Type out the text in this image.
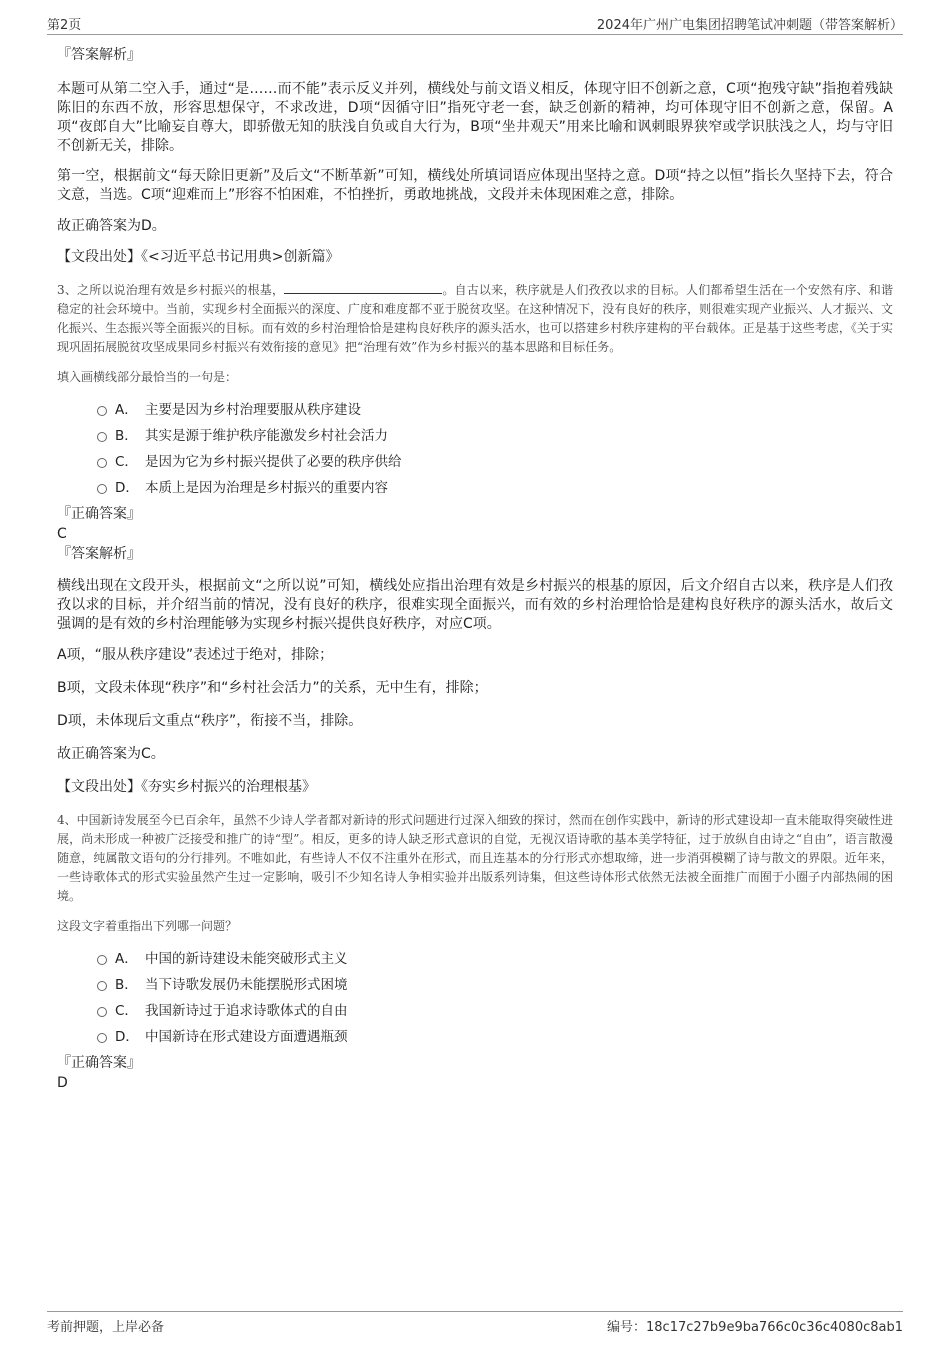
第2页	2024年广州广电集团招聘笔试冲刺题（带答案解析）
『答案解析』

本题可从第二空入手，通过“是……而不能”表示反义并列，横线处与前文语义相反，体现守旧不创新之意，C项“抱残守缺”指抱着残缺陈旧的东西不放，形容思想保守，不求改进，D项“因循守旧”指死守老一套，缺乏创新的精神，均可体现守旧不创新之意，保留。A项“夜郎自大”比喻妄自尊大，即骄傲无知的肤浅自负或自大行为，B项“坐井观天”用来比喻和讽刺眼界狭窄或学识肤浅之人，均与守旧不创新无关，排除。

第一空，根据前文“每天除旧更新”及后文“不断革新”可知，横线处所填词语应体现出坚持之意。D项“持之以恒”指长久坚持下去，符合文意，当选。C项“迎难而上”形容不怕困难，不怕挫折，勇敢地挑战，文段并未体现困难之意，排除。

故正确答案为D。

【文段出处】《<习近平总书记用典>创新篇》

3、之所以说治理有效是乡村振兴的根基，	。自古以来，秩序就是人们孜孜以求的目标。人们都希望生活在一个安然有序、和谐稳定的社会环境中。当前，实现乡村全面振兴的深度、广度和难度都不亚于脱贫攻坚。在这种情况下，没有良好的秩序，则很难实现产业振兴、人才振兴、文化振兴、生态振兴等全面振兴的目标。而有效的乡村治理恰恰是建构良好秩序的源头活水，也可以搭建乡村秩序建构的平台载体。正是基于这些考虑，《关于实现巩固拓展脱贫攻坚成果同乡村振兴有效衔接的意见》把“治理有效”作为乡村振兴的基本思路和目标任务。

填入画横线部分最恰当的一句是：

A． 主要是因为乡村治理要服从秩序建设
B． 其实是源于维护秩序能激发乡村社会活力
C． 是因为它为乡村振兴提供了必要的秩序供给
D． 本质上是因为治理是乡村振兴的重要内容
『正确答案』

C

『答案解析』

横线出现在文段开头，根据前文“之所以说”可知，横线处应指出治理有效是乡村振兴的根基的原因，后文介绍自古以来，秩序是人们孜孜以求的目标，并介绍当前的情况，没有良好的秩序，很难实现全面振兴，而有效的乡村治理恰恰是建构良好秩序的源头活水，故后文强调的是有效的乡村治理能够为实现乡村振兴提供良好秩序，对应C项。

A项，“服从秩序建设”表述过于绝对，排除；

B项，文段未体现“秩序”和“乡村社会活力”的关系，无中生有，排除；

D项，未体现后文重点“秩序”，衔接不当，排除。

故正确答案为C。

【文段出处】《夯实乡村振兴的治理根基》

4、中国新诗发展至今已百余年，虽然不少诗人学者都对新诗的形式问题进行过深入细致的探讨，然而在创作实践中，新诗的形式建设却一直未能取得突破性进展，尚未形成一种被广泛接受和推广的诗“型”。相反，更多的诗人缺乏形式意识的自觉，无视汉语诗歌的基本美学特征，过于放纵自由诗之“自由”，语言散漫随意，纯属散文语句的分行排列。不唯如此，有些诗人不仅不注重外在形式，而且连基本的分行形式亦想取缔，进一步消弭模糊了诗与散文的界限。近年来，一些诗歌体式的形式实验虽然产生过一定影响，吸引不少知名诗人争相实验并出版系列诗集，但这些诗体形式依然无法被全面推广而囿于小圈子内部热闹的困境。

这段文字着重指出下列哪一问题？

A． 中国的新诗建设未能突破形式主义
B． 当下诗歌发展仍未能摆脱形式困境
C． 我国新诗过于追求诗歌体式的自由
D． 中国新诗在形式建设方面遭遇瓶颈
『正确答案』

D

考前押题，上岸必备	编号：18c17c27b9e9ba766c0c36c4080c8ab1
